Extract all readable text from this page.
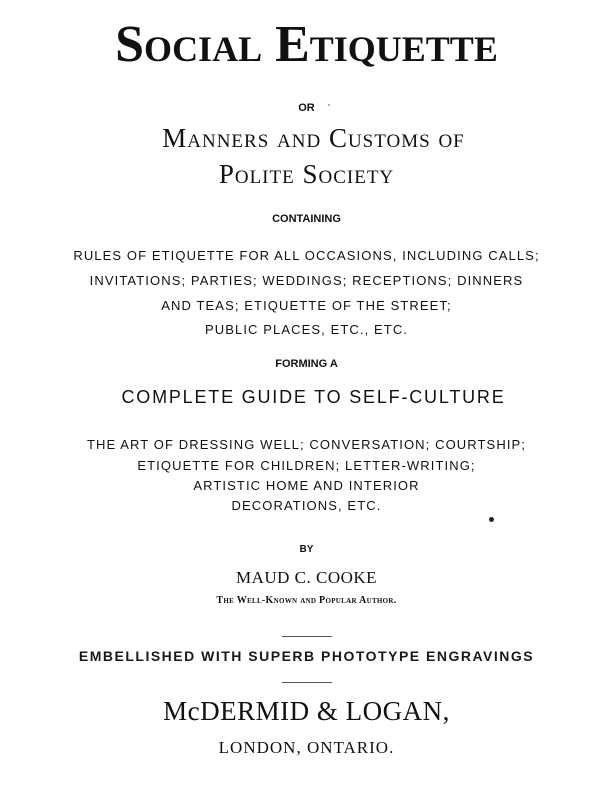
Social Etiquette
OR
Manners and Customs of
Polite Society
CONTAINING
RULES OF ETIQUETTE FOR ALL OCCASIONS, INCLUDING CALLS;
INVITATIONS; PARTIES; WEDDINGS; RECEPTIONS; DINNERS
AND TEAS; ETIQUETTE OF THE STREET;
PUBLIC PLACES, ETC., ETC.
FORMING A
COMPLETE GUIDE TO SELF-CULTURE
THE ART OF DRESSING WELL; CONVERSATION; COURTSHIP;
ETIQUETTE FOR CHILDREN; LETTER-WRITING;
ARTISTIC HOME AND INTERIOR
DECORATIONS, ETC.
BY
MAUD C. COOKE
The Well-Known and Popular Author.
EMBELLISHED WITH SUPERB PHOTOTYPE ENGRAVINGS
McDERMID & LOGAN,
LONDON, ONTARIO.
